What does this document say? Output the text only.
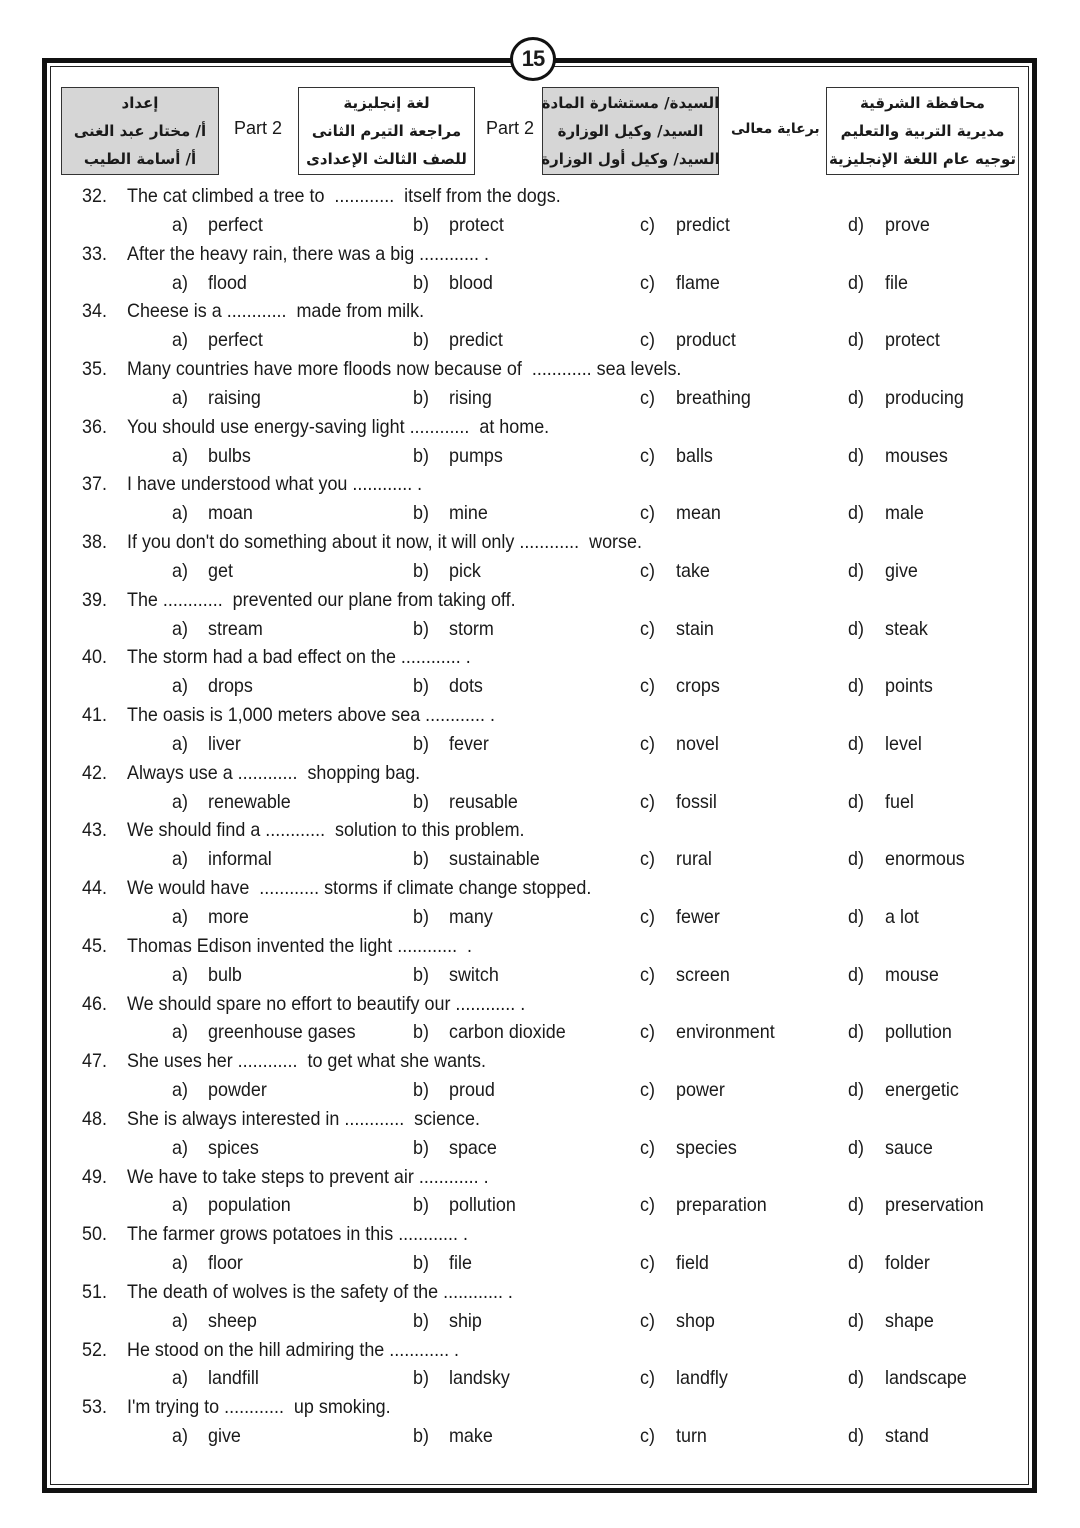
15
محافظة الشرقية
مديرية التربية والتعليم
توجيه عام اللغة الإنجليزية
برعاية معالى
السيدة/ مستشارة المادة
السيد/ وكيل الوزارة
السيد/ وكيل أول الوزارة
Part 2
لغة إنجليزية
مراجعة التيرم الثانى
للصف الثالث الإعدادى
Part 2
إعداد
أ/ مختار عبد الغنى
أ/ أسامة الطيب
32. The cat climbed a tree to  ............  itself from the dogs.
a) perfect	b) protect	c) predict	d) prove
33. After the heavy rain, there was a big ............ .
a) flood	b) blood	c) flame	d) file
34. Cheese is a ............  made from milk.
a) perfect	b) predict	c) product	d) protect
35. Many countries have more floods now because of  ............ sea levels.
a) raising	b) rising	c) breathing	d) producing
36. You should use energy-saving light ............  at home.
a) bulbs	b) pumps	c) balls	d) mouses
37. I have understood what you ............ .
a) moan	b) mine	c) mean	d) male
38. If you don't do something about it now, it will only ............  worse.
a) get	b) pick	c) take	d) give
39. The ............  prevented our plane from taking off.
a) stream	b) storm	c) stain	d) steak
40. The storm had a bad effect on the ............ .
a) drops	b) dots	c) crops	d) points
41. The oasis is 1,000 meters above sea ............ .
a) liver	b) fever	c) novel	d) level
42. Always use a ............  shopping bag.
a) renewable	b) reusable	c) fossil	d) fuel
43. We should find a ............  solution to this problem.
a) informal	b) sustainable	c) rural	d) enormous
44. We would have  ............ storms if climate change stopped.
a) more	b) many	c) fewer	d) a lot
45. Thomas Edison invented the light ............  .
a) bulb	b) switch	c) screen	d) mouse
46. We should spare no effort to beautify our ............ .
a) greenhouse gases	b) carbon dioxide	c) environment	d) pollution
47. She uses her ............  to get what she wants.
a) powder	b) proud	c) power	d) energetic
48. She is always interested in ............  science.
a) spices	b) space	c) species	d) sauce
49. We have to take steps to prevent air ............ .
a) population	b) pollution	c) preparation	d) preservation
50. The farmer grows potatoes in this ............ .
a) floor	b) file	c) field	d) folder
51. The death of wolves is the safety of the ............ .
a) sheep	b) ship	c) shop	d) shape
52. He stood on the hill admiring the ............ .
a) landfill	b) landsky	c) landfly	d) landscape
53. I'm trying to ............  up smoking.
a) give	b) make	c) turn	d) stand
